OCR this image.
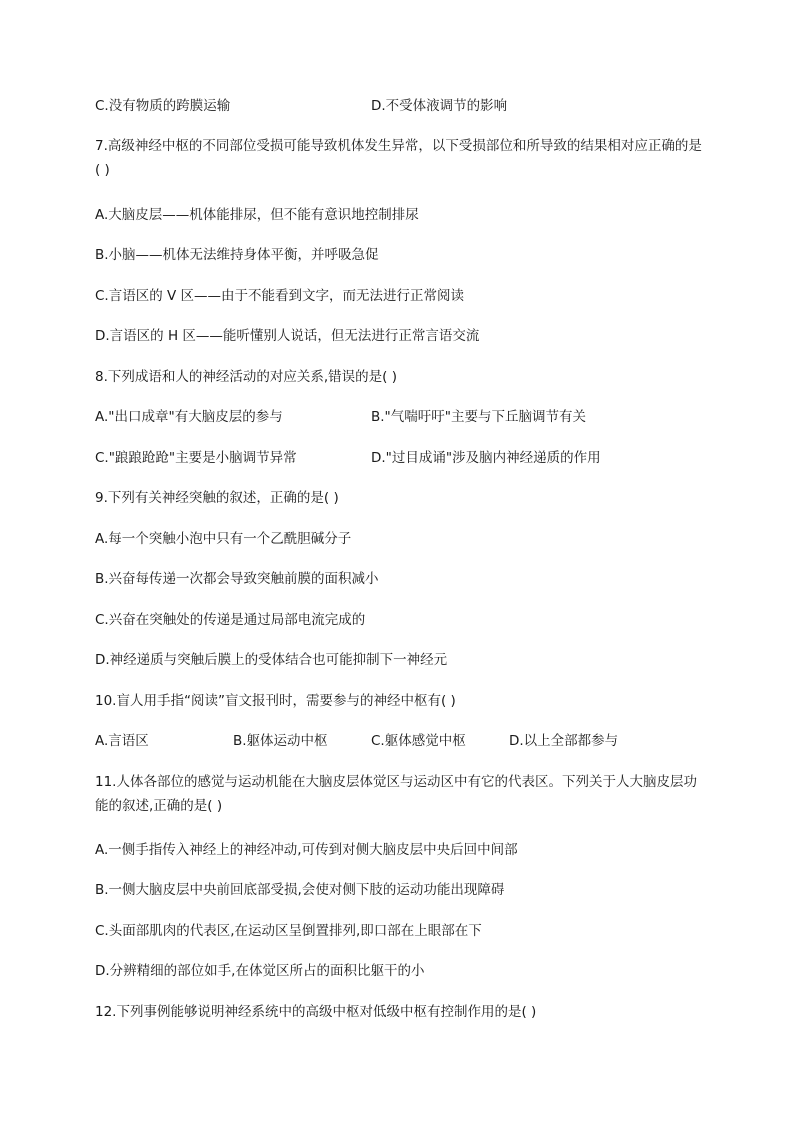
C.没有物质的跨膜运输	D.不受体液调节的影响
7.高级神经中枢的不同部位受损可能导致机体发生异常，以下受损部位和所导致的结果相对应正确的是( )
A.大脑皮层——机体能排尿，但不能有意识地控制排尿
B.小脑——机体无法维持身体平衡，并呼吸急促
C.言语区的 V 区——由于不能看到文字，而无法进行正常阅读
D.言语区的 H 区——能听懂别人说话，但无法进行正常言语交流
8.下列成语和人的神经活动的对应关系,错误的是( )
A."出口成章"有大脑皮层的参与	B."气喘吁吁"主要与下丘脑调节有关
C."踉踉跄跄"主要是小脑调节异常	D."过目成诵"涉及脑内神经递质的作用
9.下列有关神经突触的叙述，正确的是( )
A.每一个突触小泡中只有一个乙酰胆碱分子
B.兴奋每传递一次都会导致突触前膜的面积减小
C.兴奋在突触处的传递是通过局部电流完成的
D.神经递质与突触后膜上的受体结合也可能抑制下一神经元
10.盲人用手指“阅读”盲文报刊时，需要参与的神经中枢有( )
A.言语区	B.躯体运动中枢	C.躯体感觉中枢	D.以上全部都参与
11.人体各部位的感觉与运动机能在大脑皮层体觉区与运动区中有它的代表区。下列关于人大脑皮层功能的叙述,正确的是( )
A.一侧手指传入神经上的神经冲动,可传到对侧大脑皮层中央后回中间部
B.一侧大脑皮层中央前回底部受损,会使对侧下肢的运动功能出现障碍
C.头面部肌肉的代表区,在运动区呈倒置排列,即口部在上眼部在下
D.分辨精细的部位如手,在体觉区所占的面积比躯干的小
12.下列事例能够说明神经系统中的高级中枢对低级中枢有控制作用的是( )
